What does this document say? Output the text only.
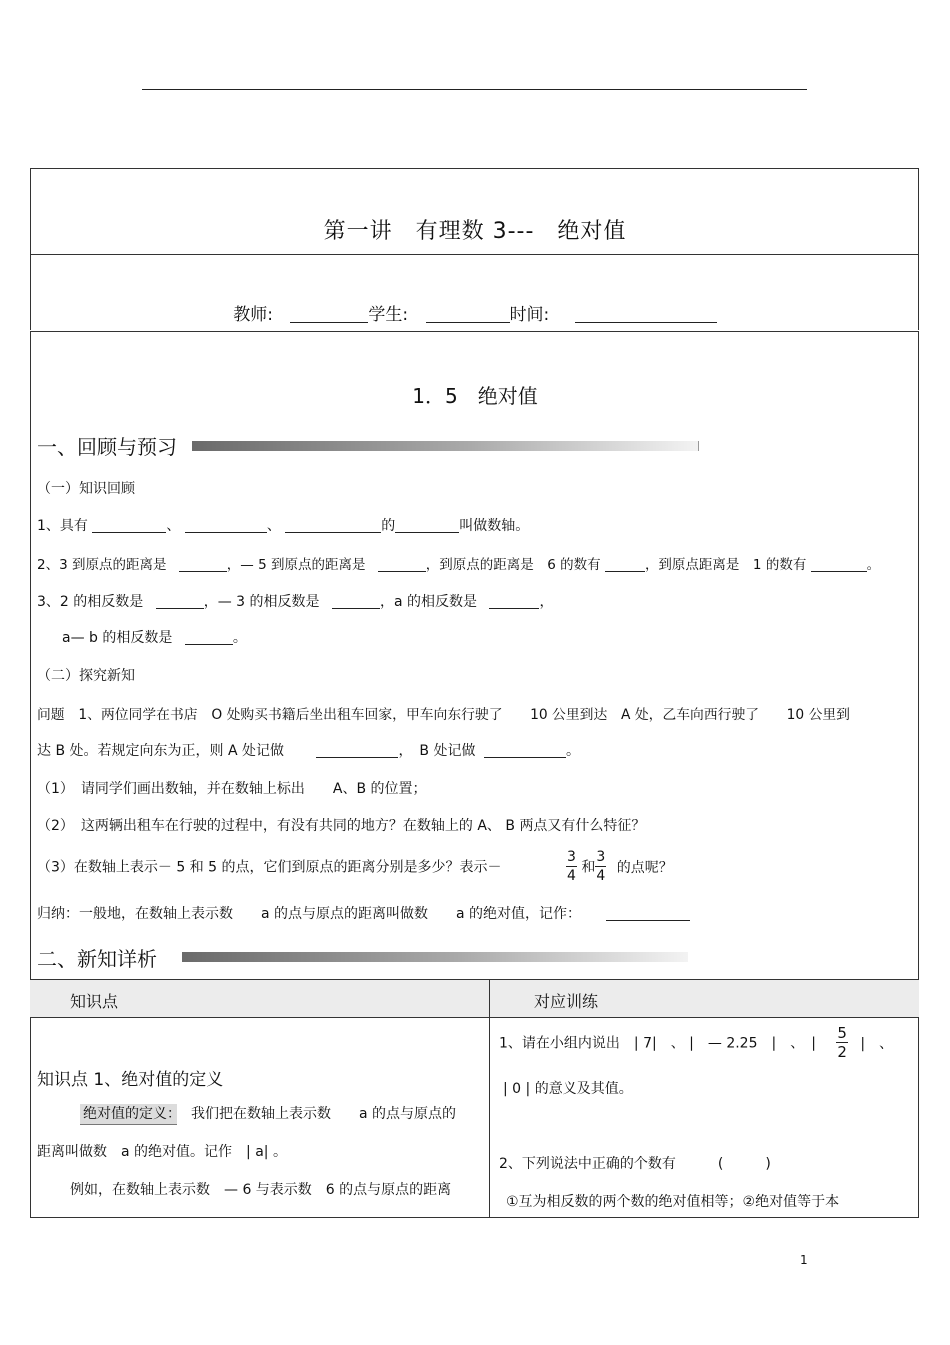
第一讲　有理数 3---　绝对值
教师:	学生:	时间:
1．5　绝对值
一、回顾与预习
（一）知识回顾
1、具有	、	、	的	叫做数轴。
2、3 到原点的距离是	，— 5 到原点的距离是	，到原点的距离是　6 的数有	，到原点距离是　1 的数有	。
3、2 的相反数是	，— 3 的相反数是	，a 的相反数是	，
a— b 的相反数是	。
（二）探究新知
问题　1、两位同学在书店　O 处购买书籍后坐出租车回家，甲车向东行驶了　　10 公里到达　A 处，乙车向西行驶了　　10 公里到
达 B 处。若规定向东为正，则 A 处记做	，　B 处记做	。
（1）　请同学们画出数轴，并在数轴上标出　　A、B 的位置；
（2）　这两辆出租车在行驶的过程中，有没有共同的地方？在数轴上的 A、 B 两点又有什么特征？
（3）在数轴上表示－ 5 和 5 的点，它们到原点的距离分别是多少？表示－	$\frac{3}{4}$ 和 $\frac{3}{4}$ 的点呢？
归纳：一般地，在数轴上表示数　　a 的点与原点的距离叫做数　　a 的绝对值，记作：
二、新知详析
知识点	对应训练
知识点 1、绝对值的定义
绝对值的定义：　我们把在数轴上表示数　　a 的点与原点的
距离叫做数　a 的绝对值。记作　| a| 。
例如，在数轴上表示数　— 6 与表示数　6 的点与原点的距离
1、请在小组内说出　| 7|　、 |　— 2.25　|　、　| $\frac{5}{2}$ |　、
| 0 | 的意义及其值。
2、下列说法中正确的个数有　　　(　　　)
①互为相反数的两个数的绝对值相等；②绝对值等于本
1
